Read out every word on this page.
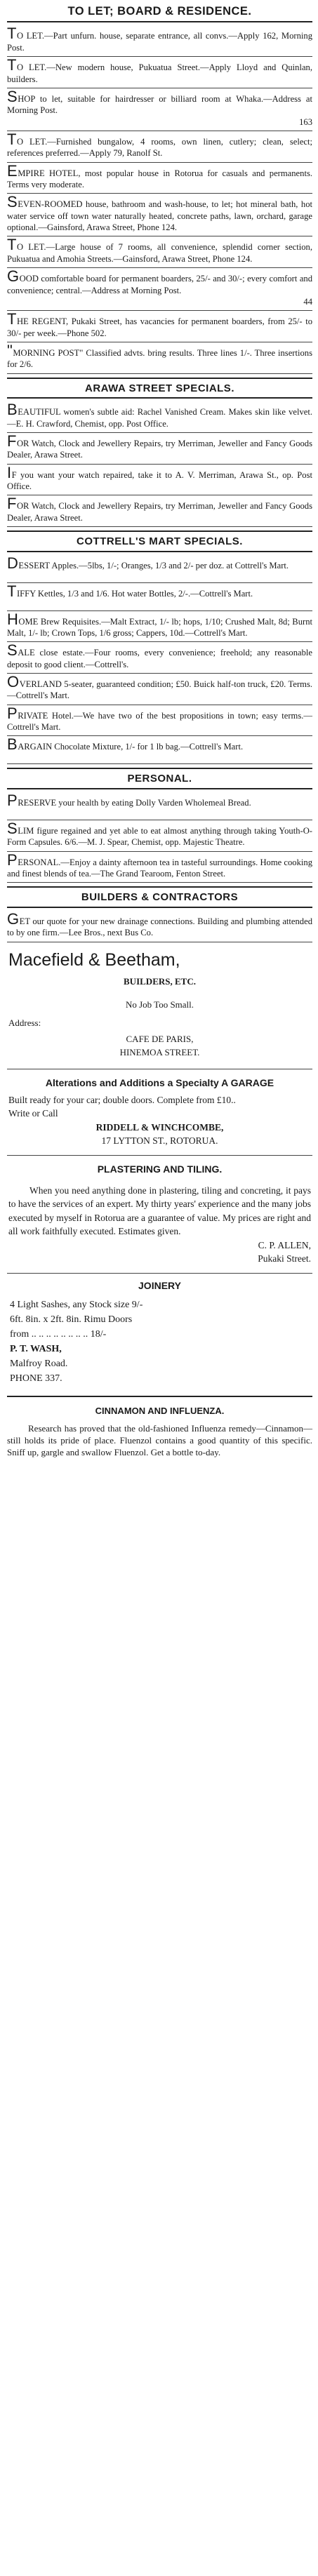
TO LET; BOARD & RESIDENCE.
TO LET.—Part unfurn. house, separate entrance, all convs.—Apply 162, Morning Post.
TO LET.—New modern house, Pukuatua Street.—Apply Lloyd and Quinlan, builders.
SHOP to let, suitable for hairdresser or billiard room at Whaka.—Address at Morning Post.
163
TO LET.—Furnished bungalow, 4 rooms, own linen, cutlery; clean, select; references preferred.—Apply 79, Ranolf St.
EMPIRE HOTEL, most popular house in Rotorua for casuals and permanents. Terms very moderate.
SEVEN-ROOMED house, bathroom and wash-house, to let; hot mineral bath, hot water service off town water naturally heated, concrete paths, lawn, orchard, garage optional.—Gainsford, Arawa Street, Phone 124.
TO LET.—Large house of 7 rooms, all convenience, splendid corner section, Pukuatua and Amohia Streets.—Gainsford, Arawa Street, Phone 124.
GOOD comfortable board for permanent boarders, 25/- and 30/-; every comfort and convenience; central.—Address at Morning Post.
44
THE REGENT, Pukaki Street, has vacancies for permanent boarders, from 25/- to 30/- per week.—Phone 502.
"MORNING POST" Classified advts. bring results. Three lines 1/-. Three insertions for 2/6.
ARAWA STREET SPECIALS.
BEAUTIFUL women's subtle aid: Rachel Vanished Cream. Makes skin like velvet.—E. H. Crawford, Chemist, opp. Post Office.
FOR Watch, Clock and Jewellery Repairs, try Merriman, Jeweller and Fancy Goods Dealer, Arawa Street.
IF you want your watch repaired, take it to A. V. Merriman, Arawa St., op. Post Office.
FOR Watch, Clock and Jewellery Repairs, try Merriman, Jeweller and Fancy Goods Dealer, Arawa Street.
COTTRELL'S MART SPECIALS.
DESSERT Apples.—5lbs, 1/-; Oranges, 1/3 and 2/- per doz. at Cottrell's Mart.
TIFFY Kettles, 1/3 and 1/6. Hot water Bottles, 2/-.—Cottrell's Mart.
HOME Brew Requisites.—Malt Extract, 1/- lb; hops, 1/10; Crushed Malt, 8d; Burnt Malt, 1/- lb; Crown Tops, 1/6 gross; Cappers, 10d.—Cottrell's Mart.
SALE close estate.—Four rooms, every convenience; freehold; any reasonable deposit to good client.—Cottrell's.
OVERLAND 5-seater, guaranteed condition; £50. Buick half-ton truck, £20. Terms.—Cottrell's Mart.
PRIVATE Hotel.—We have two of the best propositions in town; easy terms.—Cottrell's Mart.
BARGAIN Chocolate Mixture, 1/- for 1 lb bag.—Cottrell's Mart.
PERSONAL.
PRESERVE your health by eating Dolly Varden Wholemeal Bread.
SLIM figure regained and yet able to eat almost anything through taking Youth-O-Form Capsules. 6/6.—M. J. Spear, Chemist, opp. Majestic Theatre.
PERSONAL.—Enjoy a dainty afternoon tea in tasteful surroundings. Home cooking and finest blends of tea.—The Grand Tearoom, Fenton Street.
BUILDERS & CONTRACTORS
GET our quote for your new drainage connections. Building and plumbing attended to by one firm.—Lee Bros., next Bus Co.
Macefield & Beetham,
BUILDERS, ETC.
No Job Too Small.
Address:
CAFE DE PARIS,
HINEMOA STREET.
Alterations and Additions a Specialty A GARAGE
Built ready for your car; double doors. Complete from £10..
Write or Call
RIDDELL & WINCHCOMBE,
17 LYTTON ST., ROTORUA.
PLASTERING AND TILING.
When you need anything done in plastering, tiling and concreting, it pays to have the services of an expert. My thirty years' experience and the many jobs executed by myself in Rotorua are a guarantee of value. My prices are right and all work faithfully executed. Estimates given.
C. P. ALLEN,
Pukaki Street.
JOINERY
4 Light Sashes, any Stock size 9/-
6ft. 8in. x 2ft. 8in. Rimu Doors
from .. .. .. .. .. .. .. .. 18/-
P. T. WASH,
Malfroy Road.
PHONE 337.
CINNAMON AND INFLUENZA.
Research has proved that the old-fashioned Influenza remedy—Cinnamon—still holds its pride of place. Fluenzol contains a good quantity of this specific. Sniff up, gargle and swallow Fluenzol. Get a bottle to-day.
